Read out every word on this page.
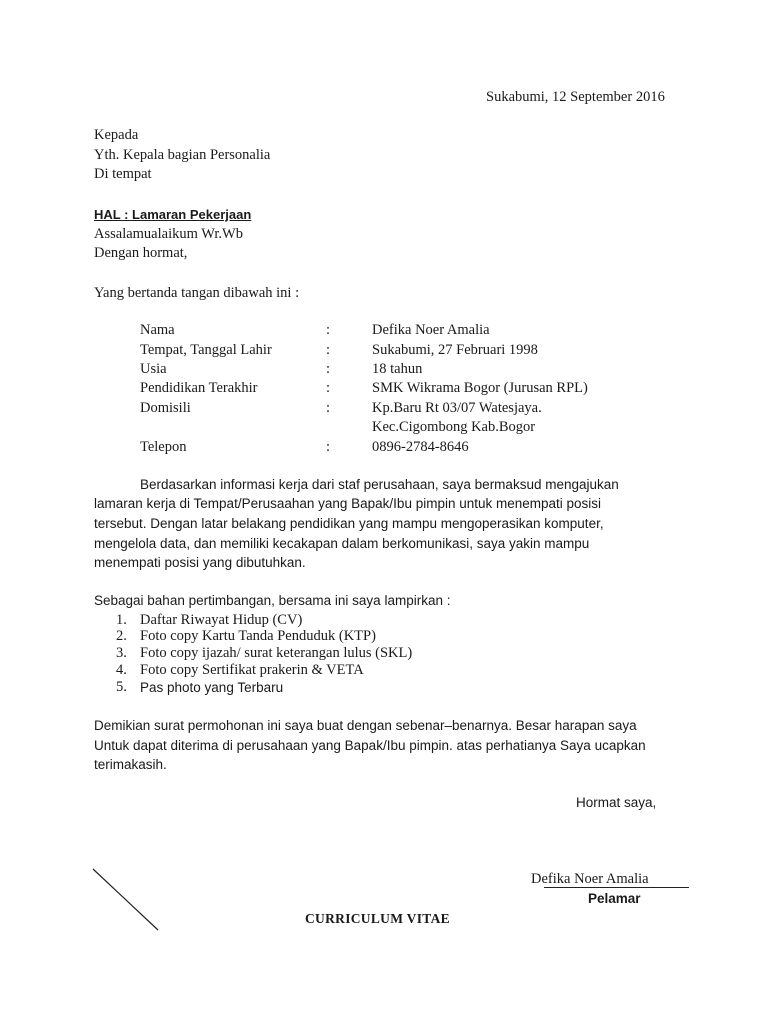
Sukabumi, 12 September 2016
Kepada
Yth. Kepala bagian Personalia
Di tempat
HAL : Lamaran Pekerjaan
Assalamualaikum Wr.Wb
Dengan hormat,
Yang bertanda tangan dibawah ini :
Nama	:	Defika Noer Amalia
Tempat, Tanggal Lahir	:	Sukabumi, 27 Februari 1998
Usia	:	18 tahun
Pendidikan Terakhir	:	SMK Wikrama Bogor (Jurusan RPL)
Domisili	:	Kp.Baru Rt 03/07 Watesjaya.
Kec.Cigombong Kab.Bogor
Telepon	:	0896-2784-8646
Berdasarkan informasi kerja dari staf perusahaan, saya bermaksud mengajukan
lamaran kerja di Tempat/Perusaahan yang Bapak/Ibu pimpin untuk menempati posisi
tersebut. Dengan latar belakang pendidikan yang mampu mengoperasikan komputer,
mengelola data, dan memiliki kecakapan dalam berkomunikasi, saya yakin mampu
menempati posisi yang dibutuhkan.
Sebagai bahan pertimbangan, bersama ini saya lampirkan :
1. Daftar Riwayat Hidup (CV)
2. Foto copy Kartu Tanda Penduduk (KTP)
3. Foto copy ijazah/ surat keterangan lulus (SKL)
4. Foto copy Sertifikat prakerin & VETA
5. Pas photo yang Terbaru
Demikian surat permohonan ini saya buat dengan sebenar–benarnya. Besar harapan saya
Untuk dapat diterima di perusahaan yang Bapak/Ibu pimpin. atas perhatianya Saya ucapkan
terimakasih.
Hormat saya,
Defika Noer Amalia
Pelamar
CURRICULUM VITAE
